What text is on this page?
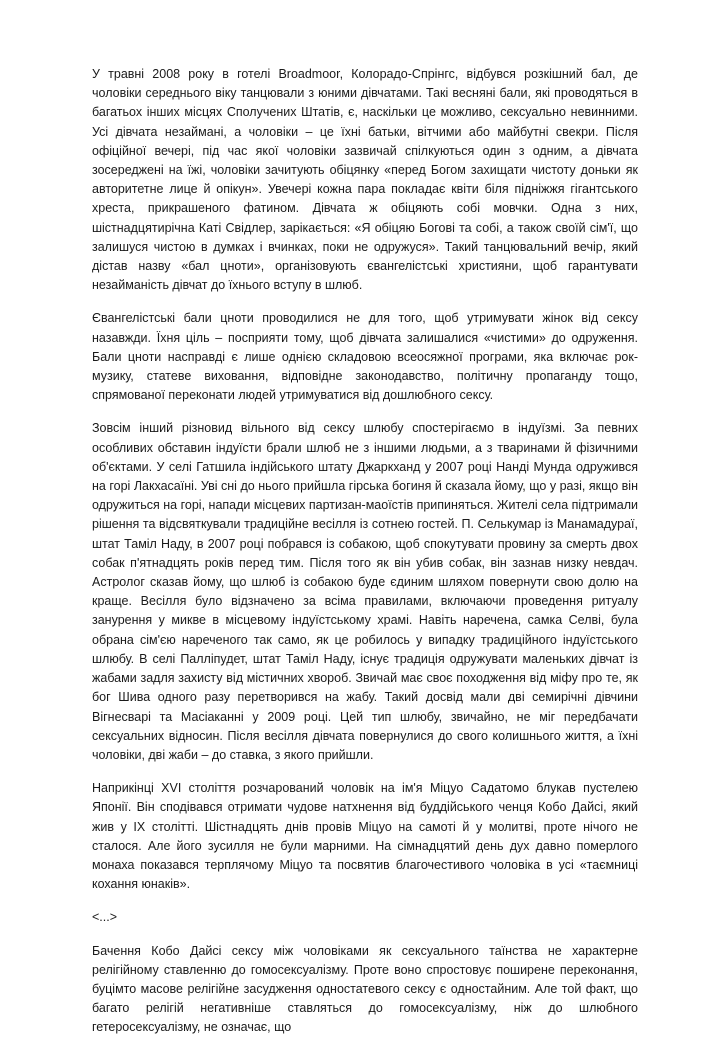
У травні 2008 року в готелі Broadmoor, Колорадо-Спрінгс, відбувся розкішний бал, де чоловіки середнього віку танцювали з юними дівчатами. Такі весняні бали, які проводяться в багатьох інших місцях Сполучених Штатів, є, наскільки це можливо, сексуально невинними. Усі дівчата незаймані, а чоловіки – це їхні батьки, вітчими або майбутні свекри. Після офіційної вечері, під час якої чоловіки зазвичай спілкуються один з одним, а дівчата зосереджені на їжі, чоловіки зачитують обіцянку «перед Богом захищати чистоту доньки як авторитетне лице й опікун». Увечері кожна пара покладає квіти біля підніжжя гігантського хреста, прикрашеного фатином. Дівчата ж обіцяють собі мовчки. Одна з них, шістнадцятирічна Каті Свідлер, зарікається: «Я обіцяю Богові та собі, а також своїй сім'ї, що залишуся чистою в думках і вчинках, поки не одружуся». Такий танцювальний вечір, який дістав назву «бал цноти», організовують євангелістські християни, щоб гарантувати незайманість дівчат до їхнього вступу в шлюб.

Євангелістські бали цноти проводилися не для того, щоб утримувати жінок від сексу назавжди. Їхня ціль – посприяти тому, щоб дівчата залишалися «чистими» до одруження. Бали цноти насправді є лише однією складовою всеосяжної програми, яка включає рок-музику, статеве виховання, відповідне законодавство, політичну пропаганду тощо, спрямованої переконати людей утримуватися від дошлюбного сексу.

Зовсім інший різновид вільного від сексу шлюбу спостерігаємо в індуїзмі. За певних особливих обставин індуїсти брали шлюб не з іншими людьми, а з тваринами й фізичними об'єктами. У селі Гатшила індійського штату Джаркханд у 2007 році Нанді Мунда одружився на горі Лакхасаїні. Уві сні до нього прийшла гірська богиня й сказала йому, що у разі, якщо він одружиться на горі, напади місцевих партизан-маоїстів припиняться. Жителі села підтримали рішення та відсвяткували традиційне весілля із сотнею гостей. П. Селькумар із Манамадураї, штат Таміл Наду, в 2007 році побрався із собакою, щоб спокутувати провину за смерть двох собак п'ятнадцять років перед тим. Після того як він убив собак, він зазнав низку невдач. Астролог сказав йому, що шлюб із собакою буде єдиним шляхом повернути свою долю на краще. Весілля було відзначено за всіма правилами, включаючи проведення ритуалу занурення у микве в місцевому індуїстському храмі. Навіть наречена, самка Селві, була обрана сім'єю нареченого так само, як це робилось у випадку традиційного індуїстського шлюбу. В селі Палліпудет, штат Таміл Наду, існує традиція одружувати маленьких дівчат із жабами задля захисту від містичних хвороб. Звичай має своє походження від міфу про те, як бог Шива одного разу перетворився на жабу. Такий досвід мали дві семирічні дівчини Вігнесварі та Масіаканні у 2009 році. Цей тип шлюбу, звичайно, не міг передбачати сексуальних відносин. Після весілля дівчата повернулися до свого колишнього життя, а їхні чоловіки, дві жаби – до ставка, з якого прийшли.

Наприкінці XVI століття розчарований чоловік на ім'я Міцуо Садатомо блукав пустелею Японії. Він сподівався отримати чудове натхнення від буддійського ченця Кобо Дайсі, який жив у IX столітті. Шістнадцять днів провів Міцуо на самоті й у молитві, проте нічого не сталося. Але його зусилля не були марними. На сімнадцятий день дух давно померлого монаха показався терплячому Міцуо та посвятив благочестивого чоловіка в усі «таємниці кохання юнаків».

<...>

Бачення Кобо Дайсі сексу між чоловіками як сексуального таїнства не характерне релігійному ставленню до гомосексуалізму. Проте воно спростовує поширене переконання, буцімто масове релігійне засудження одностатевого сексу є одностайним. Але той факт, що багато релігій негативніше ставляться до гомосексуалізму, ніж до шлюбного гетеросексуалізму, не означає, що
